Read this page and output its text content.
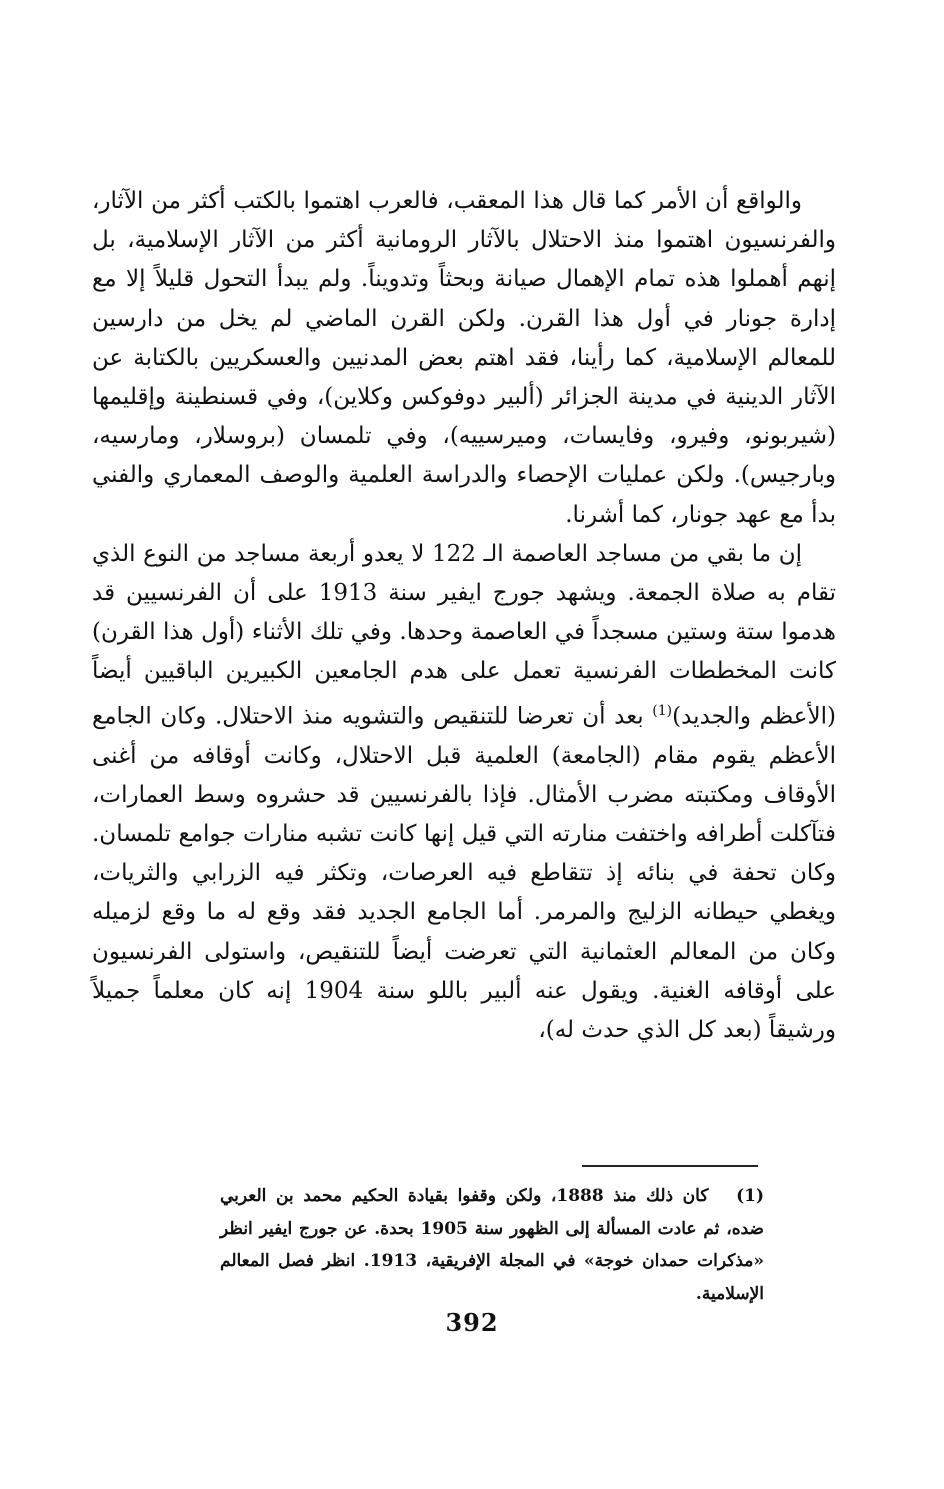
والواقع أن الأمر كما قال هذا المعقب، فالعرب اهتموا بالكتب أكثر من الآثار، والفرنسيون اهتموا منذ الاحتلال بالآثار الرومانية أكثر من الآثار الإسلامية، بل إنهم أهملوا هذه تمام الإهمال صيانة وبحثاً وتدويناً. ولم يبدأ التحول قليلاً إلا مع إدارة جونار في أول هذا القرن. ولكن القرن الماضي لم يخل من دارسين للمعالم الإسلامية، كما رأينا، فقد اهتم بعض المدنيين والعسكريين بالكتابة عن الآثار الدينية في مدينة الجزائر (ألبير دوفوكس وكلاين)، وفي قسنطينة وإقليمها (شيربونو، وفيرو، وفايسات، وميرسييه)، وفي تلمسان (بروسلار، ومارسيه، وبارجيس). ولكن عمليات الإحصاء والدراسة العلمية والوصف المعماري والفني بدأ مع عهد جونار، كما أشرنا.

إن ما بقي من مساجد العاصمة الـ 122 لا يعدو أربعة مساجد من النوع الذي تقام به صلاة الجمعة. ويشهد جورج ايفير سنة 1913 على أن الفرنسيين قد هدموا ستة وستين مسجداً في العاصمة وحدها. وفي تلك الأثناء (أول هذا القرن) كانت المخططات الفرنسية تعمل على هدم الجامعين الكبيرين الباقيين أيضاً (الأعظم والجديد)$^{(1)}$ بعد أن تعرضا للتنقيص والتشويه منذ الاحتلال. وكان الجامع الأعظم يقوم مقام (الجامعة) العلمية قبل الاحتلال، وكانت أوقافه من أغنى الأوقاف ومكتبته مضرب الأمثال. فإذا بالفرنسيين قد حشروه وسط العمارات، فتآكلت أطرافه واختفت منارته التي قيل إنها كانت تشبه منارات جوامع تلمسان. وكان تحفة في بنائه إذ تتقاطع فيه العرصات، وتكثر فيه الزرابي والثريات، ويغطي حيطانه الزليج والمرمر. أما الجامع الجديد فقد وقع له ما وقع لزميله وكان من المعالم العثمانية التي تعرضت أيضاً للتنقيص، واستولى الفرنسيون على أوقافه الغنية. ويقول عنه ألبير باللو سنة 1904 إنه كان معلماً جميلاً ورشيقاً (بعد كل الذي حدث له)،

(1) كان ذلك منذ 1888، ولكن وقفوا بقيادة الحكيم محمد بن العربي ضده، ثم عادت المسألة إلى الظهور سنة 1905 بحدة. عن جورج ايفير انظر «مذكرات حمدان خوجة» في المجلة الإفريقية، 1913. انظر فصل المعالم الإسلامية.
392
